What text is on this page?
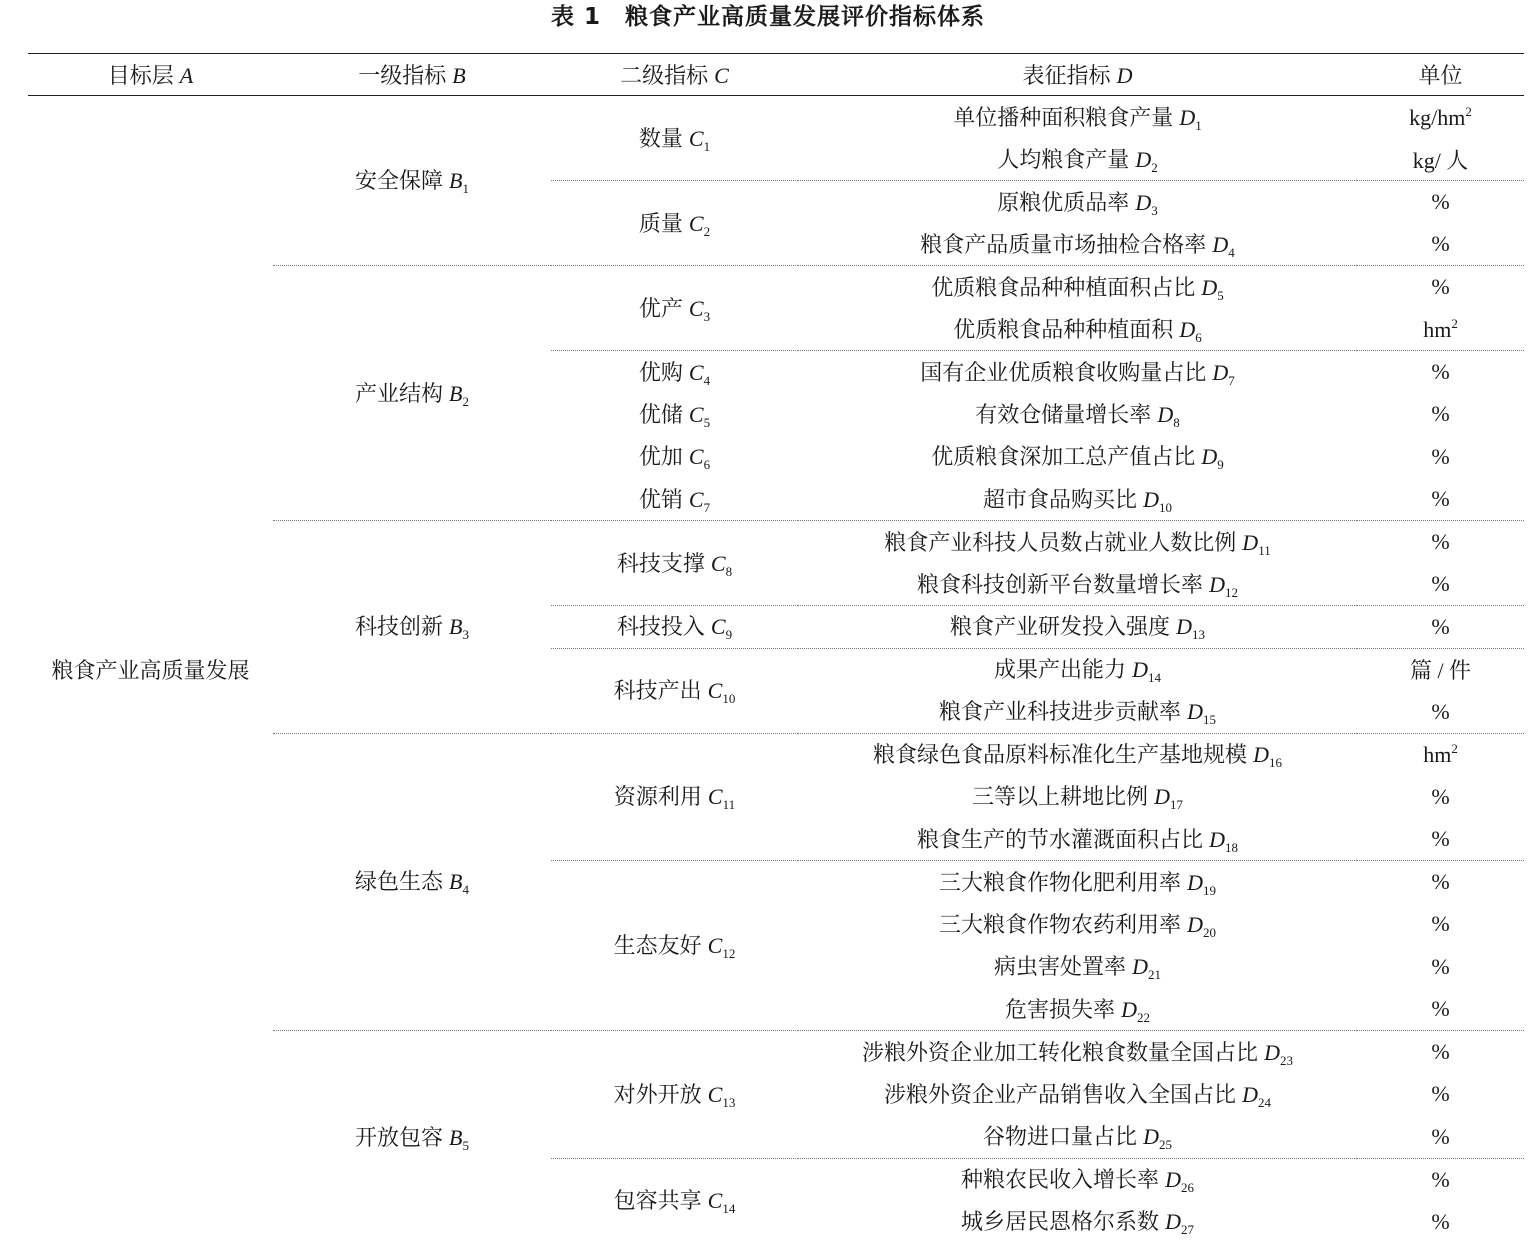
表 1 粮食产业高质量发展评价指标体系
目标层 A	一级指标 B	二级指标 C	表征指标 D	单位
粮食产业高质量发展	安全保障 $B_1$	数量 $C_1$	单位播种面积粮食产量 $D_1$	$kg/hm^2$
			人均粮食产量 $D_2$	kg/ 人
		质量 $C_2$	原粮优质品率 $D_3$	%
			粮食产品质量市场抽检合格率 $D_4$	%
	产业结构 $B_2$	优产 $C_3$	优质粮食品种种植面积占比 $D_5$	%
			优质粮食品种种植面积 $D_6$	$hm^2$
		优购 $C_4$	国有企业优质粮食收购量占比 $D_7$	%
		优储 $C_5$	有效仓储量增长率 $D_8$	%
		优加 $C_6$	优质粮食深加工总产值占比 $D_9$	%
		优销 $C_7$	超市食品购买比 $D_{10}$	%
	科技创新 $B_3$	科技支撑 $C_8$	粮食产业科技人员数占就业人数比例 $D_{11}$	%
			粮食科技创新平台数量增长率 $D_{12}$	%
		科技投入 $C_9$	粮食产业研发投入强度 $D_{13}$	%
		科技产出 $C_{10}$	成果产出能力 $D_{14}$	篇 / 件
			粮食产业科技进步贡献率 $D_{15}$	%
	绿色生态 $B_4$	资源利用 $C_{11}$	粮食绿色食品原料标准化生产基地规模 $D_{16}$	$hm^2$
			三等以上耕地比例 $D_{17}$	%
			粮食生产的节水灌溉面积占比 $D_{18}$	%
		生态友好 $C_{12}$	三大粮食作物化肥利用率 $D_{19}$	%
			三大粮食作物农药利用率 $D_{20}$	%
			病虫害处置率 $D_{21}$	%
			危害损失率 $D_{22}$	%
	开放包容 $B_5$	对外开放 $C_{13}$	涉粮外资企业加工转化粮食数量全国占比 $D_{23}$	%
			涉粮外资企业产品销售收入全国占比 $D_{24}$	%
			谷物进口量占比 $D_{25}$	%
		包容共享 $C_{14}$	种粮农民收入增长率 $D_{26}$	%
			城乡居民恩格尔系数 $D_{27}$	%
